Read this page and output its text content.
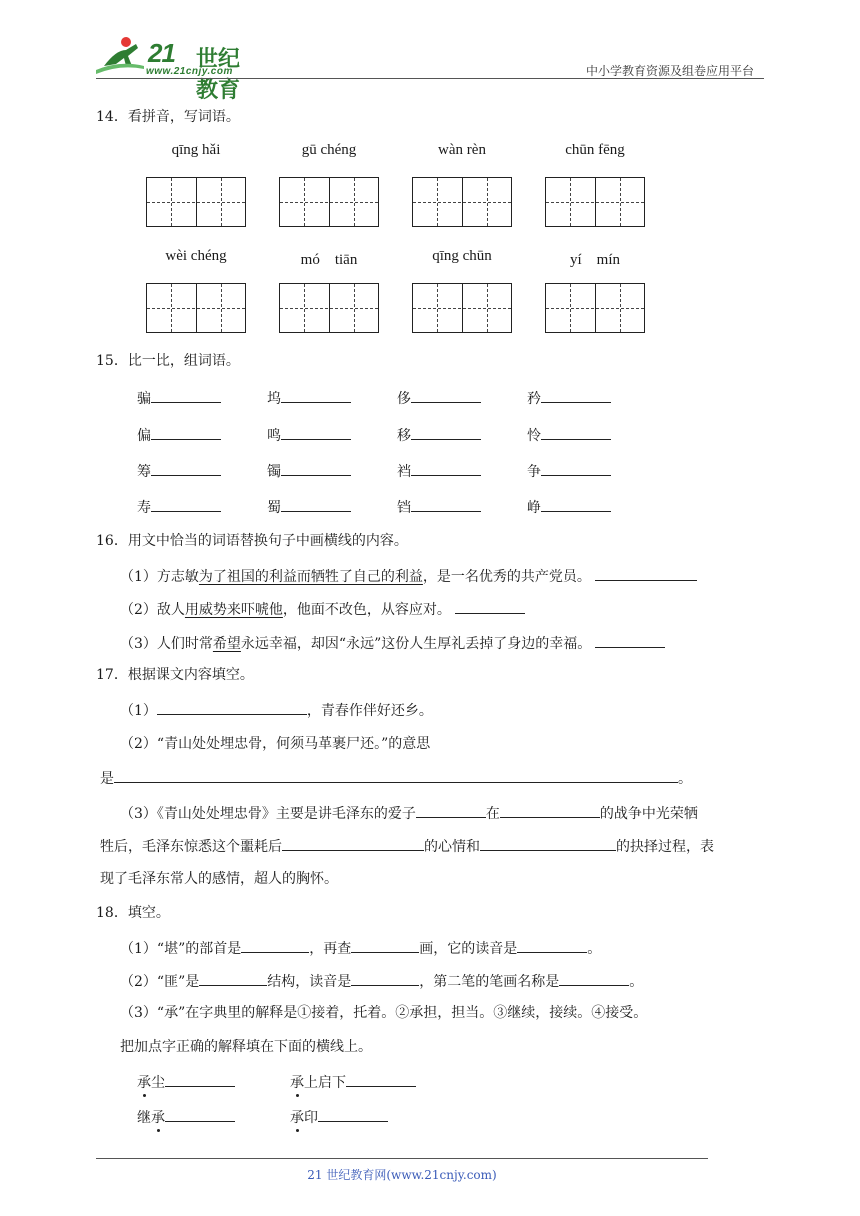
21 世纪教育
www.21cnjy.com	中小学教育资源及组卷应用平台
14．看拼音，写词语。
qīng hǎi	gū chéng	wàn rèn	chūn fēng
wèi chéng	mó　tiān	qīng chūn	yí　mín
15．比一比，组词语。
骗	坞	侈	矜
偏	鸣	移	怜
筹	镯	裆	争
寿	蜀	铛	峥
16．用文中恰当的词语替换句子中画横线的内容。
（1）方志敏为了祖国的利益而牺牲了自己的利益，是一名优秀的共产党员。
（2）敌人用威势来吓唬他，他面不改色，从容应对。
（3）人们时常希望永远幸福，却因“永远”这份人生厚礼丢掉了身边的幸福。
17．根据课文内容填空。
（1）	，青春作伴好还乡。
（2）“青山处处埋忠骨，何须马革裹尸还。”的意思
是	。
（3）《青山处处埋忠骨》主要是讲毛泽东的爱子	在	的战争中光荣牺
牲后，毛泽东惊悉这个噩耗后	的心情和	的抉择过程，表
现了毛泽东常人的感情，超人的胸怀。
18．填空。
（1）“堪”的部首是	，再查	画，它的读音是	。
（2）“匪”是	结构，读音是	，第二笔的笔画名称是	。
（3）“承”在字典里的解释是①接着，托着。②承担，担当。③继续，接续。④接受。
把加点字正确的解释填在下面的横线上。
承尘	承上启下
继承	承印
21 世纪教育网(www.21cnjy.com)
